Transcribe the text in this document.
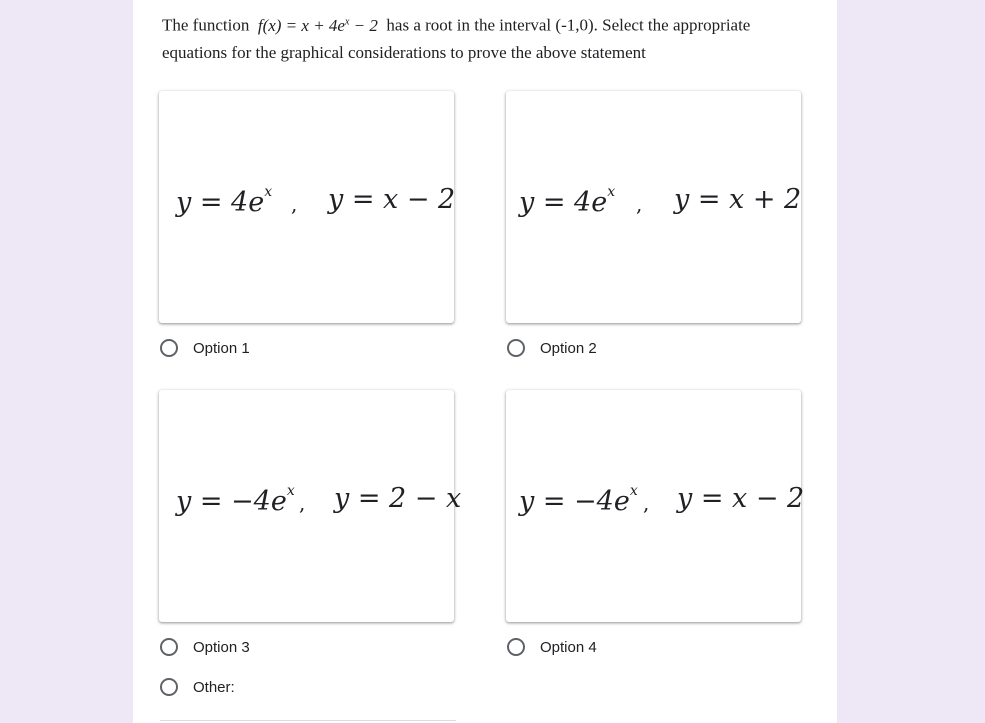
The function $f(x) = x + 4e^x - 2$ has a root in the interval (-1,0). Select the appropriate equations for the graphical considerations to prove the above statement
$y = 4e^x$ , y = x − 2 $y = 4e^x$ , y = x + 2
Option 1	Option 2
$y = -4e^x$ , y = 2 − x $y = -4e^x$ , y = x − 2
Option 3	Option 4
Other:
